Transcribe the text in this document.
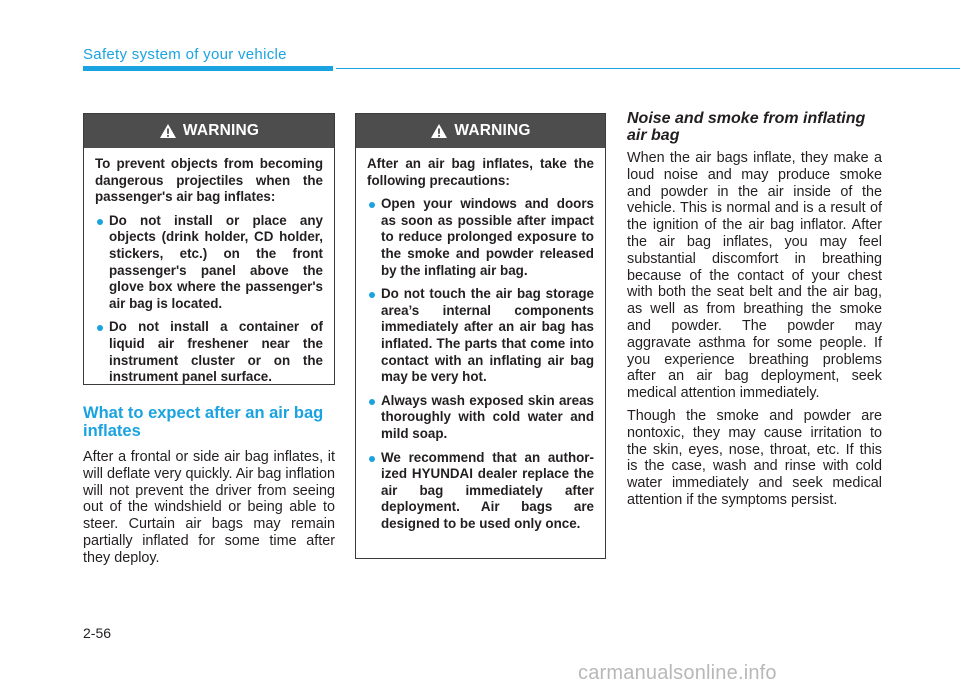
Safety system of your vehicle
WARNING

To prevent objects from becoming dangerous projectiles when the passenger's air bag inflates:

Do not install or place any objects (drink holder, CD holder, stickers, etc.) on the front passenger's panel above the glove box where the passenger's air bag is located.
Do not install a container of liquid air freshener near the instrument cluster or on the instrument panel surface.
What to expect after an air bag inflates

After a frontal or side air bag inflates, it will deflate very quickly. Air bag inflation will not prevent the driver from seeing out of the windshield or being able to steer. Curtain air bags may remain partially inflated for some time after they deploy.

WARNING

After an air bag inflates, take the following precautions:

Open your windows and doors as soon as possible after impact to reduce prolonged exposure to the smoke and powder released by the inflating air bag.
Do not touch the air bag storage area’s internal components immediately after an air bag has inflated. The parts that come into contact with an inflating air bag may be very hot.
Always wash exposed skin areas thoroughly with cold water and mild soap.
We recommend that an authorized HYUNDAI dealer replace the air bag immediately after deployment. Air bags are designed to be used only once.
Noise and smoke from inflating air bag

When the air bags inflate, they make a loud noise and may produce smoke and powder in the air inside of the vehicle. This is normal and is a result of the ignition of the air bag inflator. After the air bag inflates, you may feel substantial discomfort in breathing because of the contact of your chest with both the seat belt and the air bag, as well as from breathing the smoke and powder. The powder may aggravate asthma for some people. If you experience breathing problems after an air bag deployment, seek medical attention immediately.

Though the smoke and powder are nontoxic, they may cause irritation to the skin, eyes, nose, throat, etc. If this is the case, wash and rinse with cold water immediately and seek medical attention if the symptoms persist.

2-56
carmanualsonline.info
